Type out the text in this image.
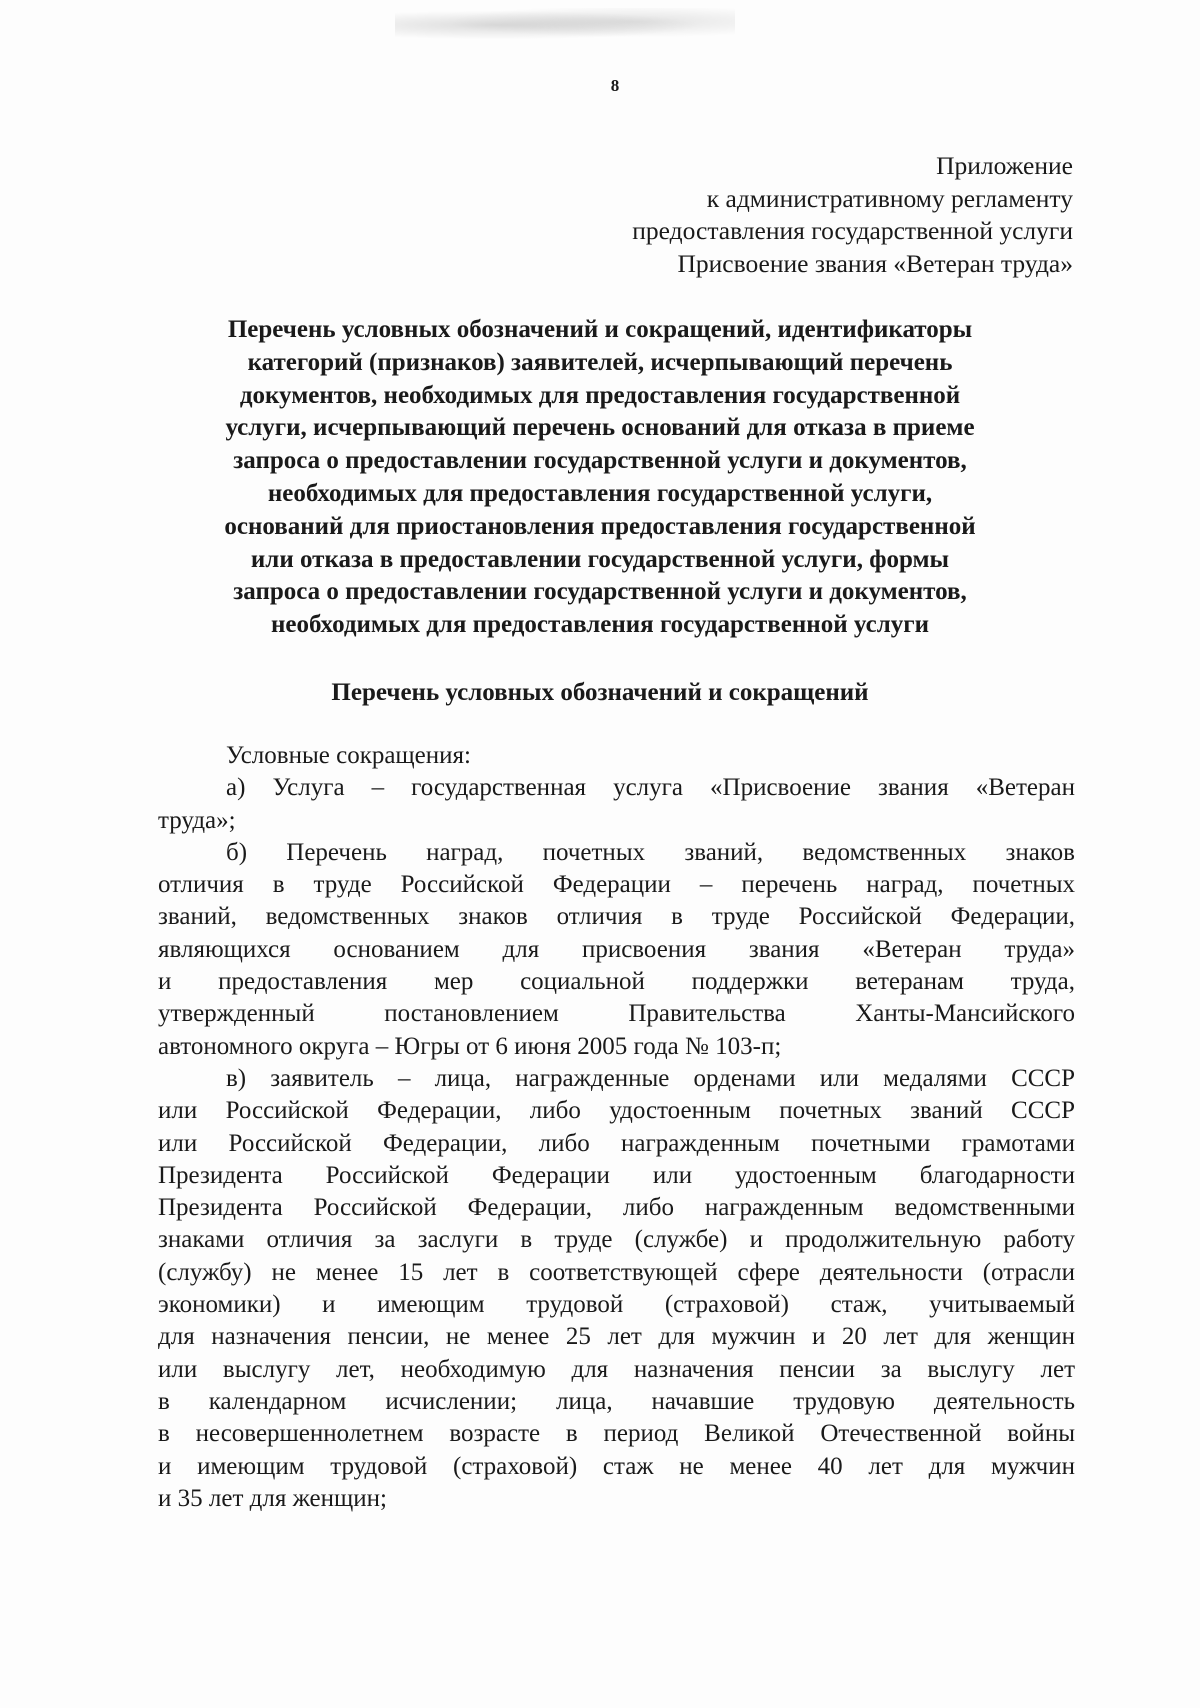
8
Приложение
к административному регламенту
предоставления государственной услуги
Присвоение звания «Ветеран труда»
Перечень условных обозначений и сокращений, идентификаторы
категорий (признаков) заявителей, исчерпывающий перечень
документов, необходимых для предоставления государственной
услуги, исчерпывающий перечень оснований для отказа в приеме
запроса о предоставлении государственной услуги и документов,
необходимых для предоставления государственной услуги,
оснований для приостановления предоставления государственной
или отказа в предоставлении государственной услуги, формы
запроса о предоставлении государственной услуги и документов,
необходимых для предоставления государственной услуги
Перечень условных обозначений и сокращений
Условные сокращения:
а) Услуга – государственная услуга «Присвоение звания «Ветеран
труда»;
б) Перечень наград, почетных званий, ведомственных знаков
отличия в труде Российской Федерации – перечень наград, почетных
званий, ведомственных знаков отличия в труде Российской Федерации,
являющихся основанием для присвоения звания «Ветеран труда»
и предоставления мер социальной поддержки ветеранам труда,
утвержденный постановлением Правительства Ханты-Мансийского
автономного округа – Югры от 6 июня 2005 года № 103-п;
в) заявитель – лица, награжденные орденами или медалями СССР
или Российской Федерации, либо удостоенным почетных званий СССР
или Российской Федерации, либо награжденным почетными грамотами
Президента Российской Федерации или удостоенным благодарности
Президента Российской Федерации, либо награжденным ведомственными
знаками отличия за заслуги в труде (службе) и продолжительную работу
(службу) не менее 15 лет в соответствующей сфере деятельности (отрасли
экономики) и имеющим трудовой (страховой) стаж, учитываемый
для назначения пенсии, не менее 25 лет для мужчин и 20 лет для женщин
или выслугу лет, необходимую для назначения пенсии за выслугу лет
в календарном исчислении; лица, начавшие трудовую деятельность
в несовершеннолетнем возрасте в период Великой Отечественной войны
и имеющим трудовой (страховой) стаж не менее 40 лет для мужчин
и 35 лет для женщин;
